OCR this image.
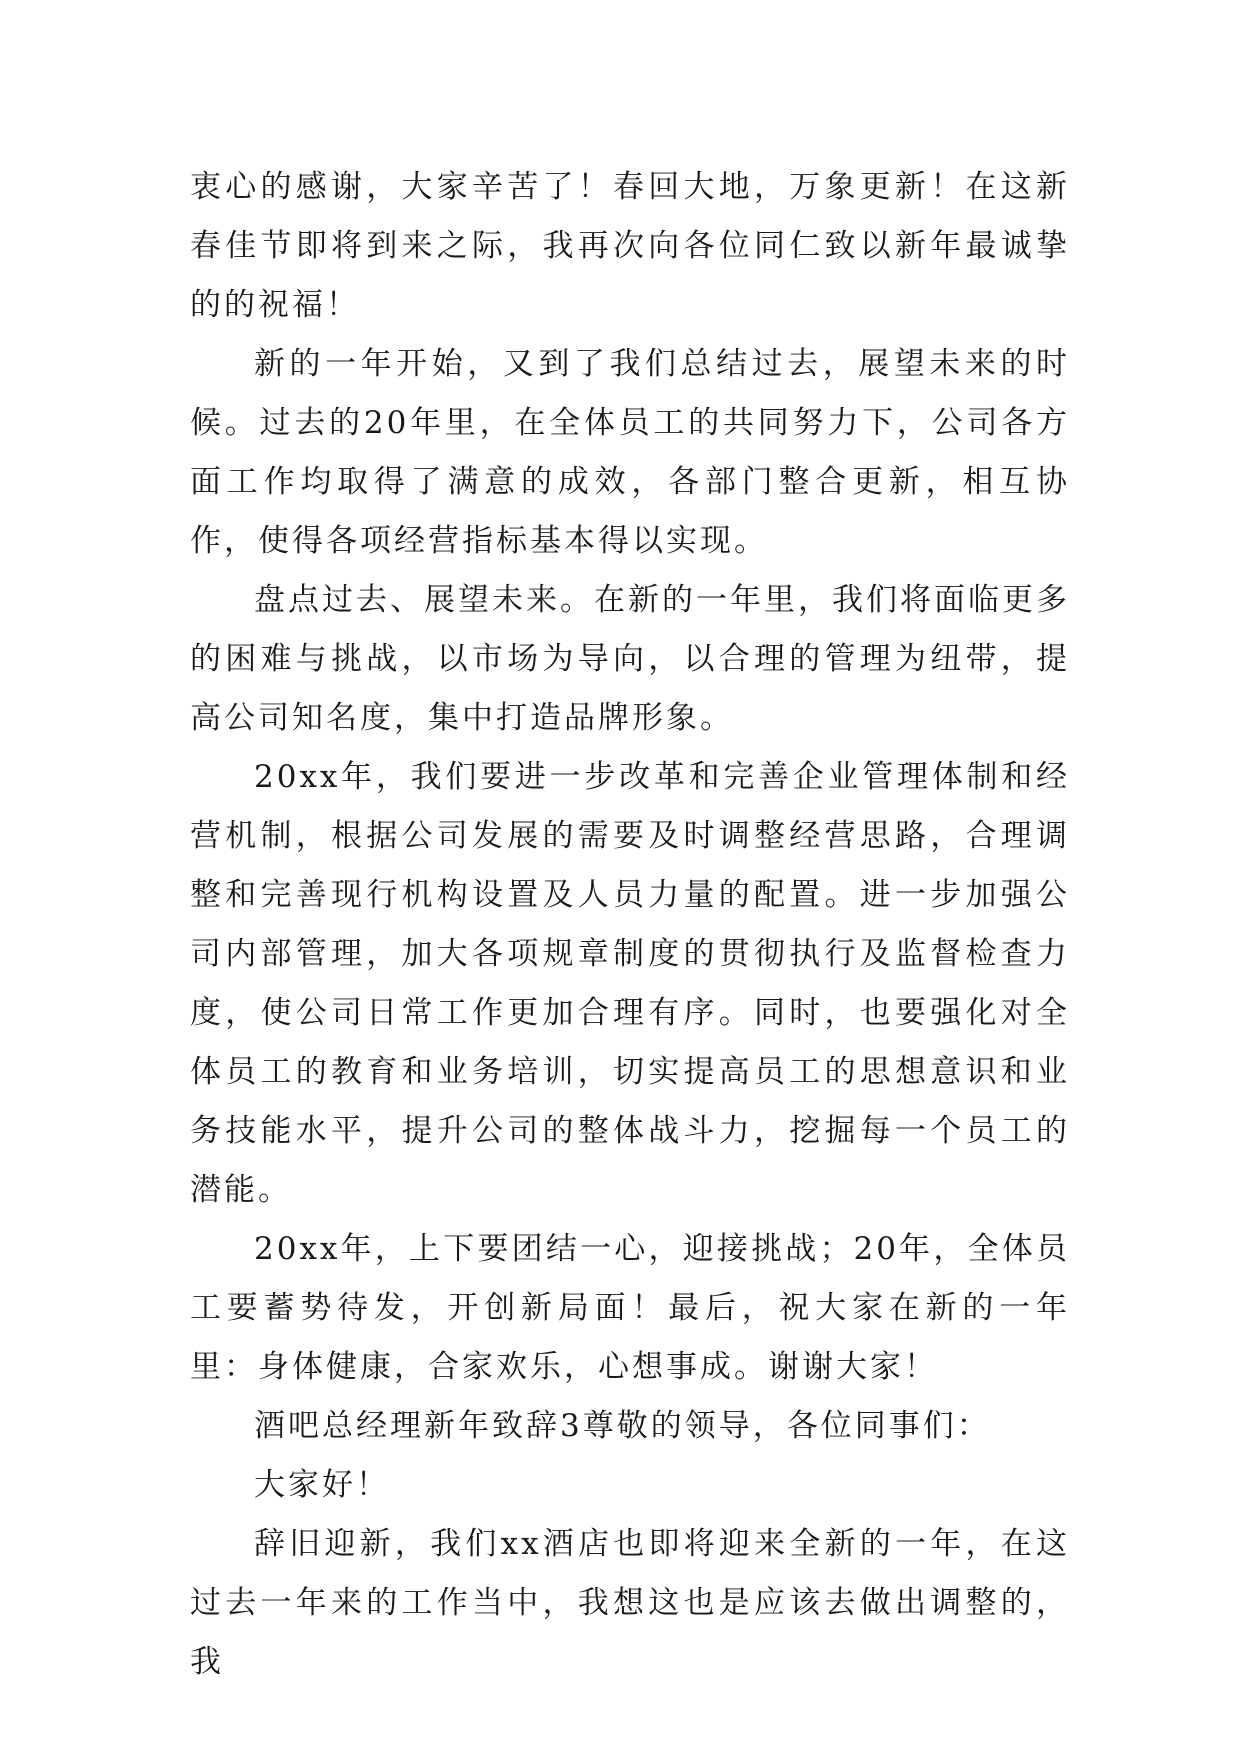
衷心的感谢，大家辛苦了！春回大地，万象更新！在这新春佳节即将到来之际，我再次向各位同仁致以新年最诚挚的的祝福！

新的一年开始，又到了我们总结过去，展望未来的时候。过去的20年里，在全体员工的共同努力下，公司各方面工作均取得了满意的成效，各部门整合更新，相互协作，使得各项经营指标基本得以实现。

盘点过去、展望未来。在新的一年里，我们将面临更多的困难与挑战，以市场为导向，以合理的管理为纽带，提高公司知名度，集中打造品牌形象。

20xx年，我们要进一步改革和完善企业管理体制和经营机制，根据公司发展的需要及时调整经营思路，合理调整和完善现行机构设置及人员力量的配置。进一步加强公司内部管理，加大各项规章制度的贯彻执行及监督检查力度，使公司日常工作更加合理有序。同时，也要强化对全体员工的教育和业务培训，切实提高员工的思想意识和业务技能水平，提升公司的整体战斗力，挖掘每一个员工的潜能。

20xx年，上下要团结一心，迎接挑战；20年，全体员工要蓄势待发，开创新局面！最后，祝大家在新的一年里：身体健康，合家欢乐，心想事成。谢谢大家！

酒吧总经理新年致辞3尊敬的领导，各位同事们：

大家好！

辞旧迎新，我们xx酒店也即将迎来全新的一年，在这过去一年来的工作当中，我想这也是应该去做出调整的，我
